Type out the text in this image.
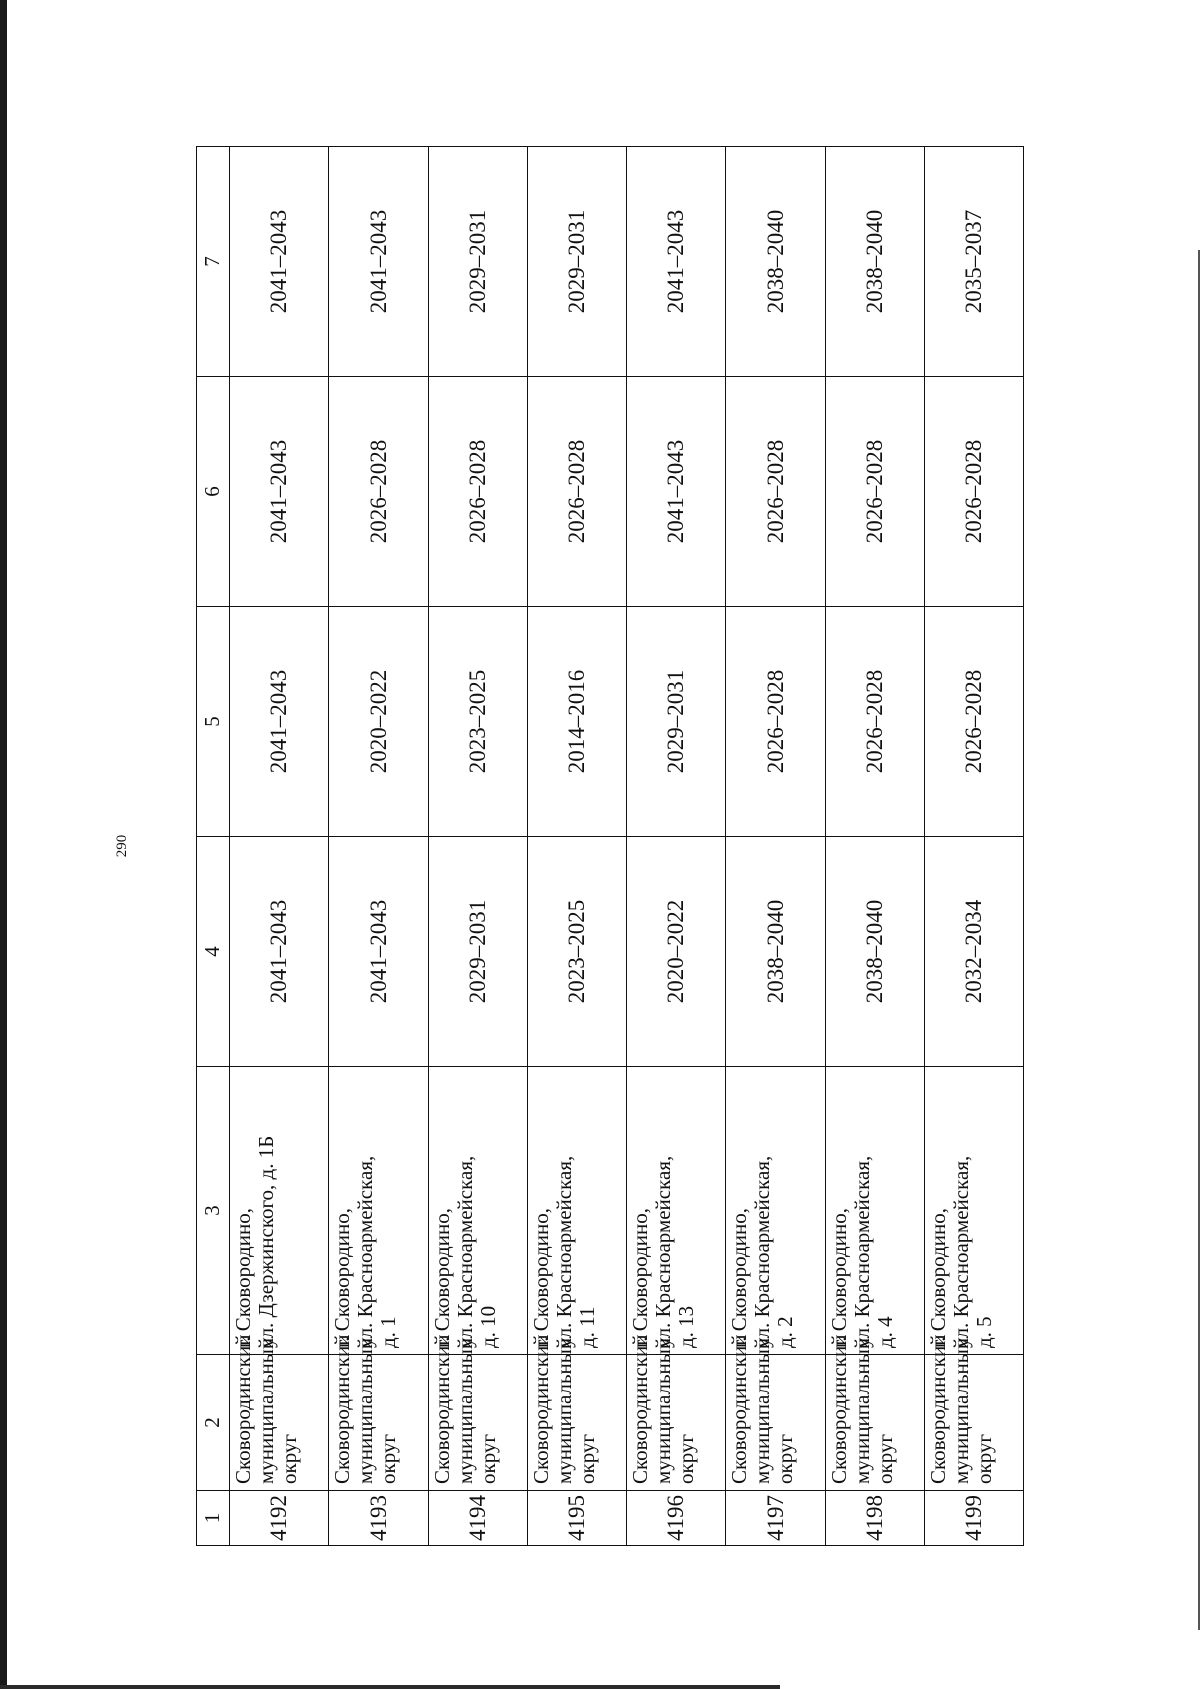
290
1	2	3	4	5	6	7
4192	Сковородинский муниципальный округ	г. Сковородино, ул. Дзержинского, д. 1Б	2041–2043	2041–2043	2041–2043	2041–2043
4193	Сковородинский муниципальный округ	г. Сковородино, ул. Красноармейская, д. 1	2041–2043	2020–2022	2026–2028	2041–2043
4194	Сковородинский муниципальный округ	г. Сковородино, ул. Красноармейская, д. 10	2029–2031	2023–2025	2026–2028	2029–2031
4195	Сковородинский муниципальный округ	г. Сковородино, ул. Красноармейская, д. 11	2023–2025	2014–2016	2026–2028	2029–2031
4196	Сковородинский муниципальный округ	г. Сковородино, ул. Красноармейская, д. 13	2020–2022	2029–2031	2041–2043	2041–2043
4197	Сковородинский муниципальный округ	г. Сковородино, ул. Красноармейская, д. 2	2038–2040	2026–2028	2026–2028	2038–2040
4198	Сковородинский муниципальный округ	г. Сковородино, ул. Красноармейская, д. 4	2038–2040	2026–2028	2026–2028	2038–2040
4199	Сковородинский муниципальный округ	г. Сковородино, ул. Красноармейская, д. 5	2032–2034	2026–2028	2026–2028	2035–2037
